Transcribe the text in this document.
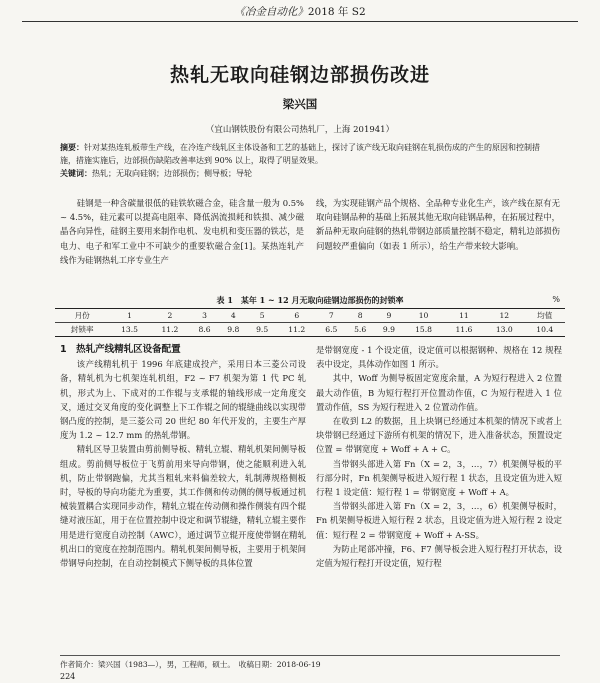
《冶金自动化》2018 年 S2
热轧无取向硅钢边部损伤改进
梁兴国
（宜山钢铁股份有限公司热轧厂，上海 201941）
摘要：针对某热连轧板带生产线，在冷连产线轧区主体设备和工艺的基础上，探讨了该产线无取向硅钢在轧损伤成的产生的原因和控制措施，措施实施后，边部损伤缺陷改善率达到 90% 以上，取得了明显效果。
关键词：热轧；无取向硅钢；边部损伤；侧导板；导轮

硅钢是一种含碳量很低的硅铁软磁合金，硅含量一般为 0.5% ~ 4.5%，硅元素可以提高电阻率、降低涡流损耗和铁损、减少磁晶各向异性，硅钢主要用来制作电机、发电机和变压器的铁芯，是电力、电子和军工业中不可缺少的重要软磁合金[1]。某热连轧产线作为硅钢热轧工序专业生产

线，为实现硅钢产品个规格、全品种专业化生产，该产线在原有无取向硅钢品种的基础上拓展其他无取向硅钢品种，在拓展过程中，新品种无取向硅钢的热轧带钢边部质量控制不稳定，精轧边部损伤问题较严重偏向（如表 1 所示），给生产带来较大影响。

表 1　某年 1 ~ 12 月无取向硅钢边部损伤的封锁率	%
月份	1	2	3	4	5	6	7	8	9	10	11	12	均值
封锁率	13.5	11.2	8.6	9.8	9.5	11.2	6.5	5.6	9.9	15.8	11.6	13.0	10.4

1　热轧产线精轧区设备配置

该产线精轧机于 1996 年底建成投产，采用日本三菱公司设备，精轧机为七机架连轧机组，F2 ~ F7 机架为第 1 代 PC 轧机，形式为上、下成对的工作辊与支承辊的轴线形成一定角度交叉，通过交叉角度的变化调整上下工作辊之间的辊缝曲线以实现带钢凸度的控制，是三菱公司 20 世纪 80 年代开发的，主要生产厚度为 1.2 ~ 12.7 mm 的热轧带钢。

精轧区导卫装置由剪前侧导板、精轧立辊、精轧机架间侧导板组成。剪前侧导板位于飞剪前用来导向带钢，使之能顺利进入轧机，防止带钢跑偏，尤其当粗轧来料偏差较大，轧制薄规格侧板时，导板的导向功能尤为重要，其工作侧和传动侧的侧导板通过机械装置耦合实现同步动作，精轧立辊在传动侧和操作侧装有四个辊缝对液压缸，用于在位置控制中设定和调节辊缝，精轧立辊主要作用是进行宽度自动控制（AWC），通过调节立辊开度使带钢在精轧机出口的宽度在控制范围内。精轧机架间侧导板，主要用于机架间带钢导向控制，在自动控制模式下侧导板的具体位置

是带钢宽度 - 1 个设定值，设定值可以根据钢种、规格在 12 规程表中设定，具体动作如图 1 所示。

其中，Woff 为侧导板固定宽度余量，A 为短行程进入 2 位置最大动作值，B 为短行程打开位置动作值，C 为短行程进入 1 位置动作值，SS 为短行程进入 2 位置动作值。

在收到 L2 的数据，且上块钢已经通过本机架的情况下或者上块带钢已经通过下游所有机架的情况下，进入准备状态，预置设定位置 = 带钢宽度 + Woff + A + C。

当带钢头部进入第 Fn（X = 2，3，…，7）机架侧导板的平行部分时，Fn 机架侧导板进入短行程 1 状态，且设定值为进入短行程 1 设定值：短行程 1 = 带钢宽度 + Woff + A。

当带钢头部进入第 Fn（X = 2，3，…，6）机架侧导板时，Fn 机架侧导板进入短行程 2 状态，且设定值为进入短行程 2 设定值：短行程 2 = 带钢宽度 + Woff + A-SS。

为防止尾部冲撞，F6、F7 侧导板会进入短行程打开状态，设定值为短行程打开设定值，短行程

作者简介：梁兴国（1983—），男，工程师，硕士。　收稿日期：2018-06-19
224
